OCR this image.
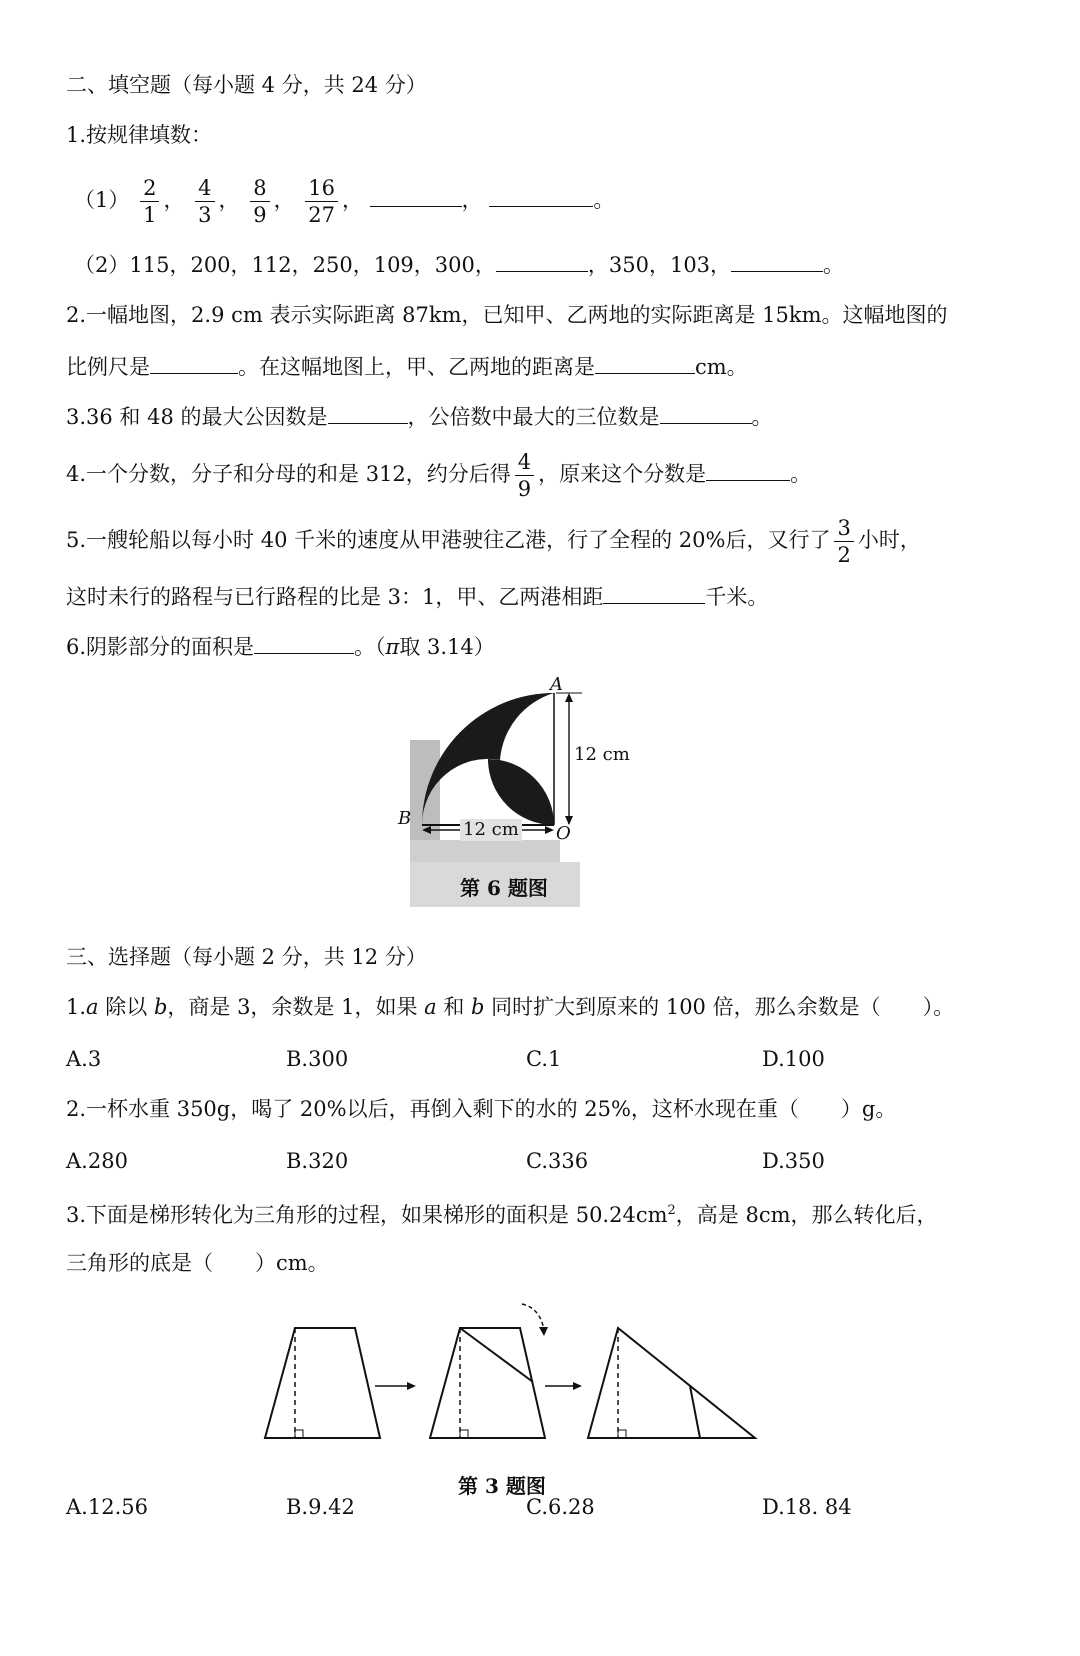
二、填空题（每小题 4 分，共 24 分）
1.按规律填数：
$(1) \frac{2}{1}$ ， $\frac{4}{3}$ ， $\frac{8}{9}$ ， $\frac{16}{27}$ ，	，	。
（2）115，200，112，250，109，300，	，350，103，	。
2.一幅地图，2.9 cm 表示实际距离 87km，已知甲、乙两地的实际距离是 15km。这幅地图的
比例尺是	。在这幅地图上，甲、乙两地的距离是	cm。
3.36 和 48 的最大公因数是	，公倍数中最大的三位数是	。
4.一个分数，分子和分母的和是 312，约分后得 $\frac{4}{9}$ ，原来这个分数是	。
5.一艘轮船以每小时 40 千米的速度从甲港驶往乙港，行了全程的 20%后，又行了 $\frac{3}{2}$ 小时，
这时未行的路程与已行路程的比是 3：1，甲、乙两港相距	千米。
6.阴影部分的面积是	。（π取 3.14）
A
B
O
12 cm
12 cm
第 6 题图
三、选择题（每小题 2 分，共 12 分）
1.a 除以 b，商是 3，余数是 1，如果 a 和 b 同时扩大到原来的 100 倍，那么余数是（　　）。
A.3	B.300	C.1	D.100
2.一杯水重 350g，喝了 20%以后，再倒入剩下的水的 25%，这杯水现在重（　　）g。
A.280	B.320	C.336	D.350
3.下面是梯形转化为三角形的过程，如果梯形的面积是 $50.24cm^2$，高是 8cm，那么转化后，
三角形的底是（　　）cm。
第 3 题图
A.12.56	B.9.42	C.6.28	D.18. 84
